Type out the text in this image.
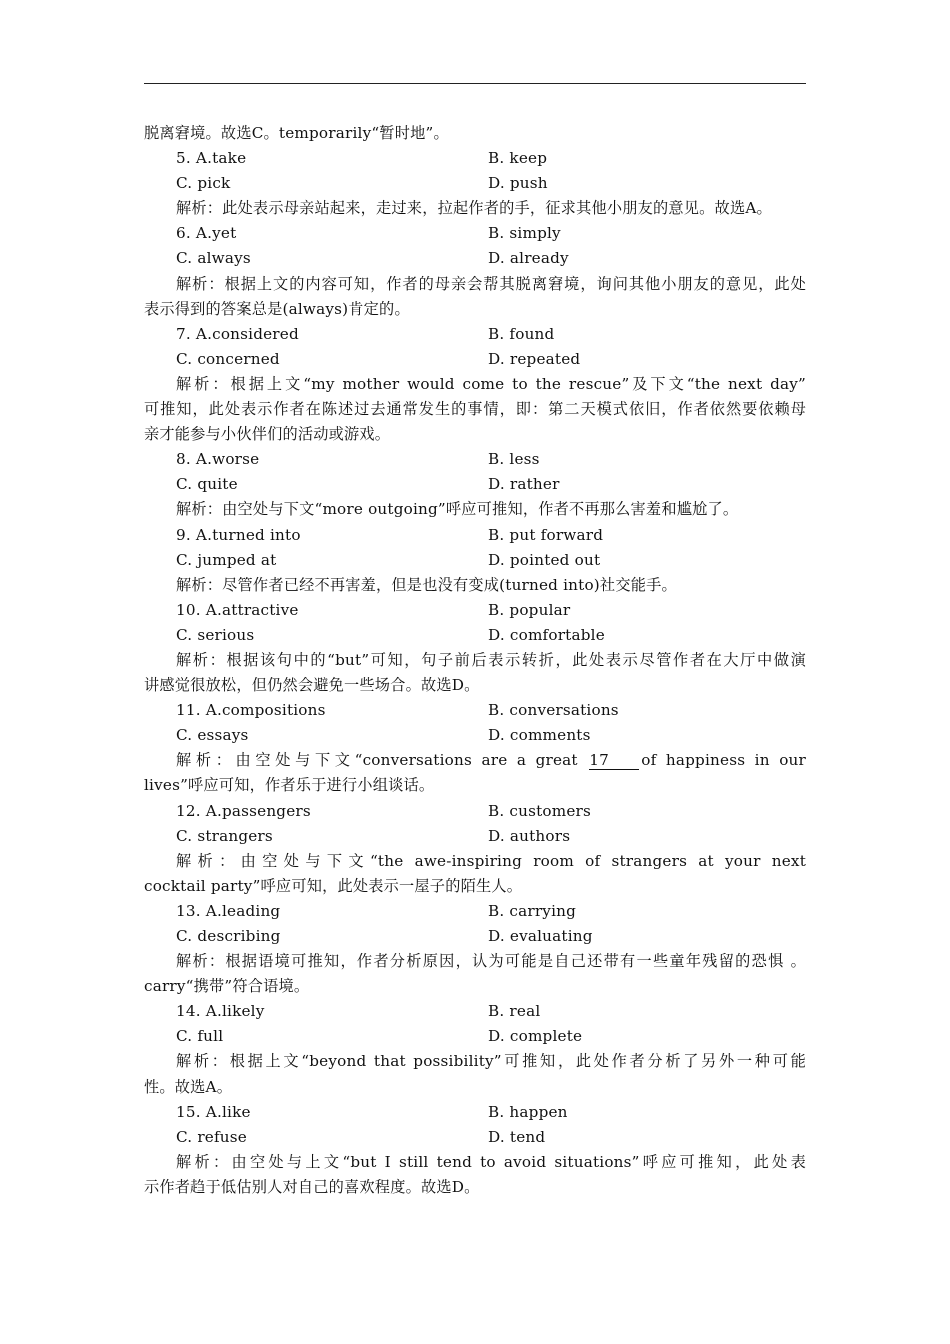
脱离窘境。故选C。temporarily“暂时地”。
5. A.take	B. keep
C. pick	D. push
解析：此处表示母亲站起来，走过来，拉起作者的手，征求其他小朋友的意见。故选A。
6. A.yet	B. simply
C. always	D. already
解析：根据上文的内容可知，作者的母亲会帮其脱离窘境，询问其他小朋友的意见，此处
表示得到的答案总是(always)肯定的。
7. A.considered	B. found
C. concerned	D. repeated
解析：根据上文“my mother would come to the rescue”及下文“the next day”
可推知，此处表示作者在陈述过去通常发生的事情，即：第二天模式依旧，作者依然要依赖母
亲才能参与小伙伴们的活动或游戏。
8. A.worse	B. less
C. quite	D. rather
解析：由空处与下文“more outgoing”呼应可推知，作者不再那么害羞和尴尬了。
9. A.turned into	B. put forward
C. jumped at	D. pointed out
解析：尽管作者已经不再害羞，但是也没有变成(turned into)社交能手。
10. A.attractive	B. popular
C. serious	D. comfortable
解析：根据该句中的“but”可知，句子前后表示转折，此处表示尽管作者在大厅中做演
讲感觉很放松，但仍然会避免一些场合。故选D。
11. A.compositions	B. conversations
C. essays	D. comments
解析：由空处与下文“conversations are a great 17 of happiness in our
lives”呼应可知，作者乐于进行小组谈话。
12. A.passengers	B. customers
C. strangers	D. authors
解析：由空处与下文“the awe-inspiring room of strangers at your next
cocktail party”呼应可知，此处表示一屋子的陌生人。
13. A.leading	B. carrying
C. describing	D. evaluating
解析：根据语境可推知，作者分析原因，认为可能是自己还带有一些童年残留的恐惧 。
carry“携带”符合语境。
14. A.likely	B. real
C. full	D. complete
解析：根据上文“beyond that possibility”可推知，此处作者分析了另外一种可能
性。故选A。
15. A.like	B. happen
C. refuse	D. tend
解析：由空处与上文“but I still tend to avoid situations”呼应可推知，此处表
示作者趋于低估别人对自己的喜欢程度。故选D。
